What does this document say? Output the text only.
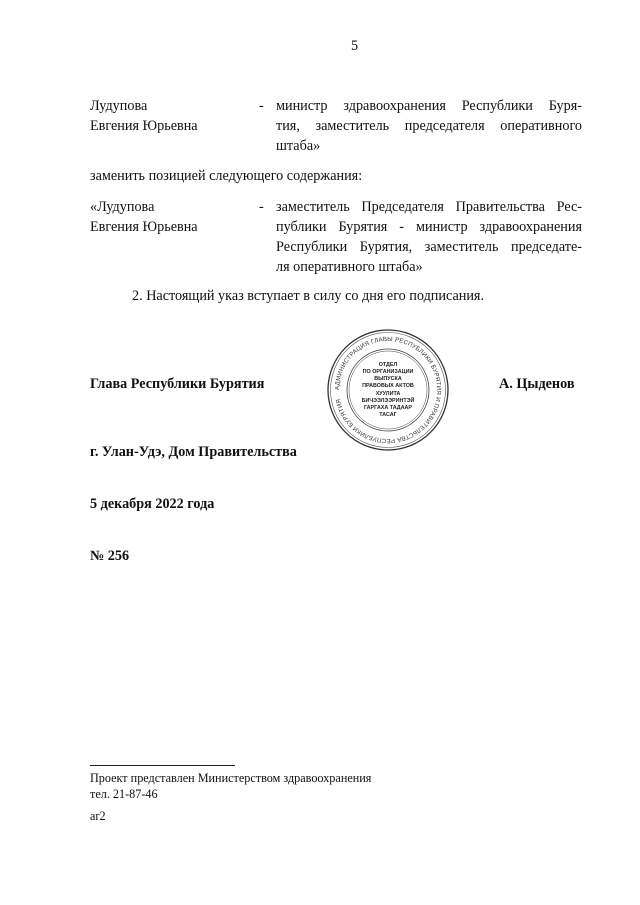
5
Лудупова
Евгения Юрьевна
- министр здравоохранения Республики Буря-
тия, заместитель председателя оперативного
штаба»
заменить позицией следующего содержания:
«Лудупова
Евгения Юрьевна
- заместитель Председателя Правительства Рес-
публики Бурятия - министр здравоохранения
Республики Бурятия, заместитель председате-
ля оперативного штаба»
2. Настоящий указ вступает в силу со дня его подписания.
АДМИНИСТРАЦИЯ ГЛАВЫ РЕСПУБЛИКИ БУРЯТИЯ И ПРАВИТЕЛЬСТВА РЕСПУБЛИКИ БУРЯТИЯ
ОТДЕЛ
ПО ОРГАНИЗАЦИИ
ВЫПУСКА
ПРАВОВЫХ АКТОВ
ХУУЛИТА
БИЧЭЭЛЭЭРИНТЭЙ
ГАРГАХА ТАДААР
ТАСАГ
Глава Республики Бурятия	А. Цыденов
г. Улан-Удэ, Дом Правительства
5 декабря 2022 года
№ 256
Проект представлен Министерством здравоохранения
тел. 21-87-46
ar2
